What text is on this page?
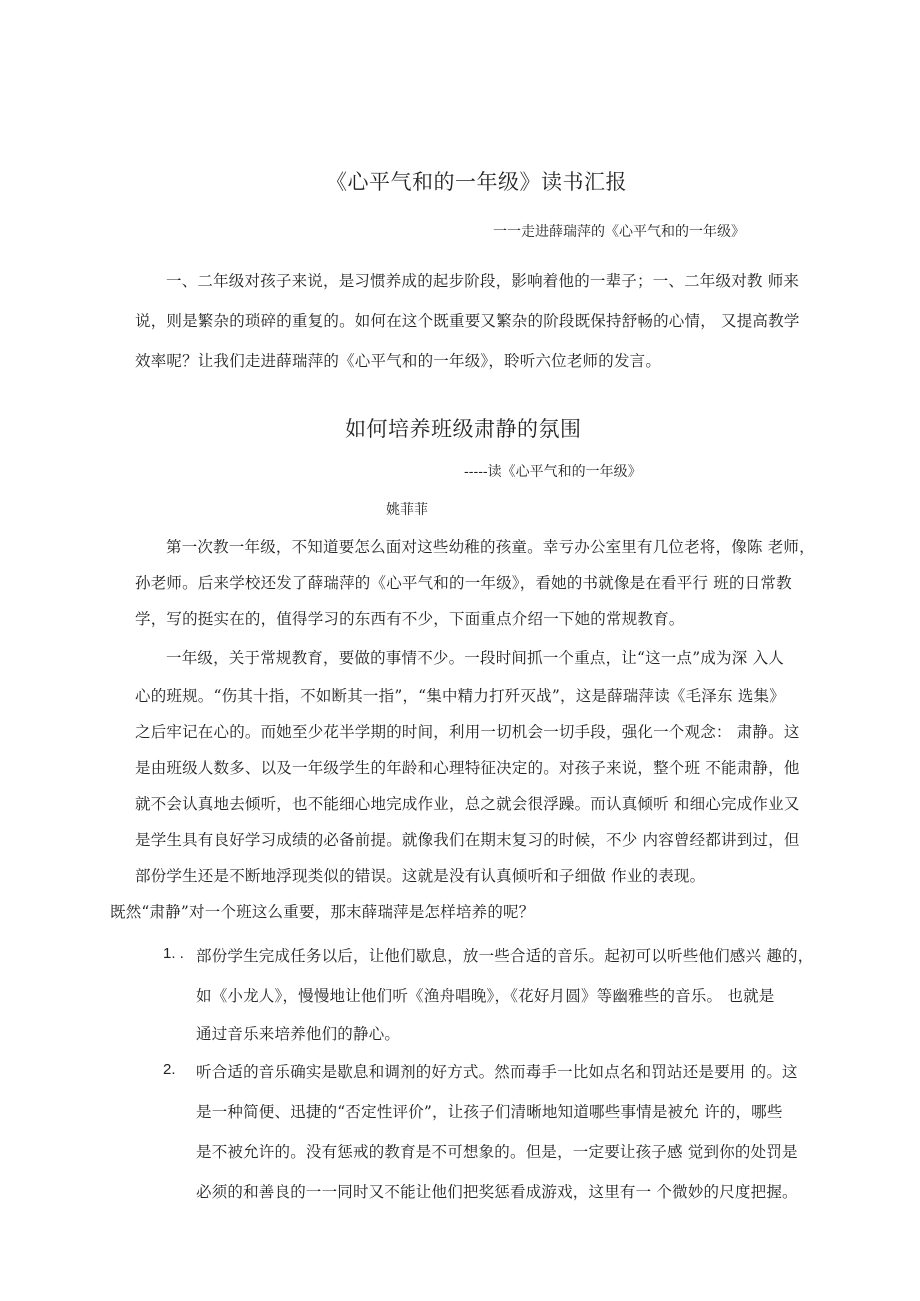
《心平气和的一年级》读书汇报
一一走进薛瑞萍的《心平气和的一年级》
一、二年级对孩子来说，是习惯养成的起步阶段，影响着他的一辈子；一、二年级对教 师来
说，则是繁杂的琐碎的重复的。如何在这个既重要又繁杂的阶段既保持舒畅的心情， 又提高教学
效率呢？让我们走进薛瑞萍的《心平气和的一年级》，聆听六位老师的发言。
如何培养班级肃静的氛围
-----读《心平气和的一年级》
姚菲菲
第一次教一年级，不知道要怎么面对这些幼稚的孩童。幸亏办公室里有几位老将，像陈 老师，
孙老师。后来学校还发了薛瑞萍的《心平气和的一年级》，看她的书就像是在看平行 班的日常教
学，写的挺实在的，值得学习的东西有不少，下面重点介绍一下她的常规教育。
一年级，关于常规教育，要做的事情不少。一段时间抓一个重点，让“这一点”成为深 入人
心的班规。“伤其十指，不如断其一指”，“集中精力打歼灭战”，这是薛瑞萍读《毛泽东 选集》
之后牢记在心的。而她至少花半学期的时间，利用一切机会一切手段，强化一个观念： 肃静。这
是由班级人数多、以及一年级学生的年龄和心理特征决定的。对孩子来说，整个班 不能肃静，他
就不会认真地去倾听，也不能细心地完成作业，总之就会很浮躁。而认真倾听 和细心完成作业又
是学生具有良好学习成绩的必备前提。就像我们在期末复习的时候，不少 内容曾经都讲到过，但
部份学生还是不断地浮现类似的错误。这就是没有认真倾听和子细做 作业的表现。
既然“肃静”对一个班这么重要，那末薛瑞萍是怎样培养的呢？
1. . 部份学生完成任务以后，让他们歇息，放一些合适的音乐。起初可以听些他们感兴 趣的，
如《小龙人》，慢慢地让他们听《渔舟唱晚》，《花好月圆》等幽雅些的音乐。 也就是
通过音乐来培养他们的静心。
2. 听合适的音乐确实是歇息和调剂的好方式。然而毒手一比如点名和罚站还是要用 的。这
是一种简便、迅捷的“否定性评价”，让孩子们清晰地知道哪些事情是被允 许的，哪些
是不被允许的。没有惩戒的教育是不可想象的。但是，一定要让孩子感 觉到你的处罚是
必须的和善良的一一同时又不能让他们把奖惩看成游戏，这里有一 个微妙的尺度把握。
